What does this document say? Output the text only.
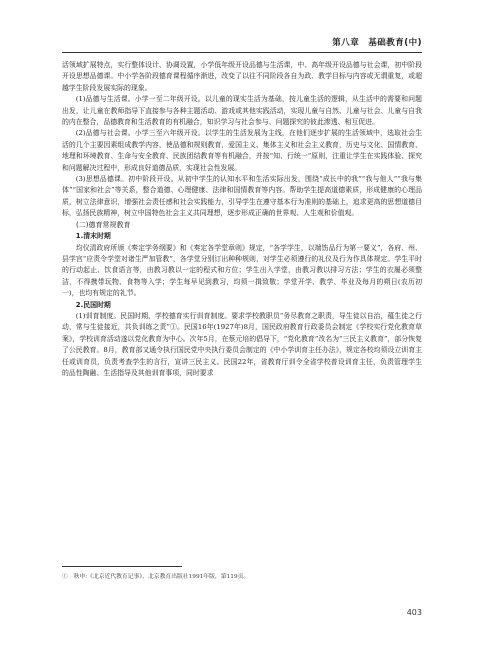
第八章　基础教育(中)

活领域扩展特点，实行整体设计、协调设置，小学低年级开设品德与生活课，中、高年级开设品德与社会课，初中阶段开设思想品德课。中小学各阶段德育课程循序渐进，改变了以往不同阶段各自为政、教学目标与内容或无谓重复，或超越学生阶段发展实际的现象。

(1)品德与生活课。小学一至二年级开设。以儿童的现实生活为基础，按儿童生活的逻辑，从生活中的需要和问题出发，让儿童在教师指导下直接参与各种主题活动、游戏或其他实践活动，实现儿童与自然、儿童与社会、儿童与自我的内在整合，品德教育和生活教育的有机融合，知识学习与社会参与、问题探究的彼此渗透、相互促进。

(2)品德与社会课。小学三至六年级开设。以学生的生活发展为主线，在他们逐步扩展的生活领域中，选取社会生活的几个主要因素组成教学内容，使品德和规则教育，爱国主义、集体主义和社会主义教育，历史与文化、国情教育、地理和环境教育、生命与安全教育、民族团结教育等有机融合，并按“知、行统一”原则，注重让学生在实践体验、探究和问题解决过程中，形成良好道德品质，实现社会性发展。

(3)思想品德课。初中阶段开设。从初中学生的认知水平和生活实际出发，围绕“成长中的我”“我与他人”“我与集体”“国家和社会”等关系，整合道德、心理健康、法律和国情教育等内容。帮助学生提高道德素质，形成健康的心理品质，树立法律意识，增强社会责任感和社会实践能力，引导学生在遵守基本行为准则的基础上，追求更高的思想道德目标，弘扬民族精神，树立中国特色社会主义共同理想，逐步形成正确的世界观、人生观和价值观。

(二)德育常规教育

1.清末时期

均仪清政府所颁《奏定学务纲要》和《奏定各学堂章则》规定，“各学学生，以端饬品行为第一要义”，各府、州、县学宫“应责令学堂对诸生严加管教”，各学堂分别订出种种规则，对学生必须遵行的礼仪及行为作具体规定。学生平时的行动起止、饮食语言等，由教习教以一定的程式和方位；学生出入学堂，由教习教以排习方法；学生的衣履必须整洁，不得携带玩物、食物等入学；学生每早见到教习，均须一揖致敬；学堂开学、教学、毕业及每月的朔日(农历初一)，也均有规定的礼节。

2.民国时期

(1)训育制度。民国时期，学校德育实行训育制度。要求学校教职员“务尽教育之职责，导生徒以自治，蕴生徒之行动，常与生徒接近，共负训练之责”①。民国16年(1927年)8月，国民政府教育行政委员会制定《学校实行党化教育草案》，学校训育活动遂以党化教育为中心。次年5月，在蔡元培的倡导下，“党化教育”改名为“三民主义教育”，部分恢复了公民教育。8月，教育部又通令执行国民党中央执行委员会制定的《中小学训育主任办法》，规定各校均须设立训育主任或训育员，负责考查学生的言行，宣讲三民主义。民国22年，省教育厅训令全省学校普设训育主任，负责管理学生的品性陶融、生活指导及其他训育事项，同时要求

①　秋申:《北京近代教育记事》，北京教育出版社1991年版，第119页。
403
